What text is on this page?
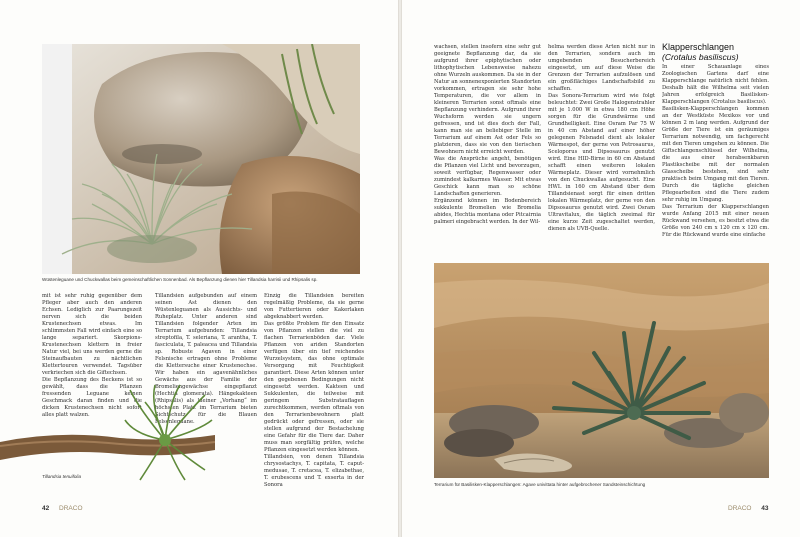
Wüstenleguane und Chuckwallas beim gemeinschaftlichen Sonnenbad. Als Bepflanzung dienen hier Tillandsia harrisii und Rhipsalis sp.

mit ist sehr ruhig gegenüber dem Pfleger aber auch den anderen Echsen. Lediglich zur Paarungszeit nerven sich die beiden Krustenechsen etwas. Im schlimmsten Fall wird einfach eine so lange separiert. Skorpions-Krustenechsen klettern in freier Natur viel, bei uns werden gerne die Steinaufbauten zu nächtlichen Klettertouren verwendet. Tagsüber verkriechen sich die Giftechsen.
Die Bepflanzung des Beckens ist so gewählt, dass die Pflanzen fressenden Leguane keinen Geschmack daran finden und die dicken Krustenechsen nicht sofort alles platt walzen.

Tillandsien aufgebunden auf einem seinen Ast dienen den Wüstenleguanen als Aussichts- und Ruheplatz. Unter anderen sind Tillandsien folgender Arten im Terrarium aufgebunden: Tillandsia streptofila, T. seleriana, T. arantha, T. fasciculata, T. paleacea und Tillandsia sp. Robuste Agaven in einer Felsnische ertragen ohne Probleme die Klettersuche einer Krustenechse. Wir haben ein agavenähnliches Gewächs aus der Familie der Bromeliengewächse eingepflanzt (Hechtia glomerata). Hängekakteen (Rhipsalis) als kleiner „Vorhang“ im höchsten Platz im Terrarium bieten Sichtschutz für die Blauen Felsenleguane.

Einzig die Tillandsien bereiten regelmäßig Probleme, da sie gerne von Futtertieren oder Kakerlaken abgeknabbert werden.
Das größte Problem für den Einsatz von Pflanzen stellen die viel zu flachen Terrarienböden dar. Viele Pflanzen von ariden Standorten verfügen über ein tief reichendes Wurzelsystem, das ohne optimale Versorgung mit Feuchtigkeit garantiert. Diese Arten können unter den gegebenen Bedingungen nicht eingesetzt werden. Kakteen und Sukkulenten, die teilweise mit geringem Substratauflagen zurechtkommen, werden oftmals von den Terrarienbewohnern platt gedrückt oder gefressen, oder sie stellen aufgrund der Bestachelung eine Gefahr für die Tiere dar. Daher muss man sorgfältig prüfen, welche Pflanzen eingesetzt werden können.
Tillandsien, von denen Tillandsia chrysostachys, T. capitata, T. caput-medusae, T. cretacea, T. elizabethae, T. erubescens und T. exserta in der Sonora

Tillandsia tenuifolia
42 DRACO

wachsen, stellen insofern eine sehr gut geeignete Bepflanzung dar, da sie aufgrund ihrer epiphytischen oder lithophytischen Lebensweise nahezu ohne Wurzeln auskommen. Da sie in der Natur an sonnenexponierten Standorten vorkommen, ertragen sie sehr hohe Temperaturen, die vor allem in kleineren Terrarien sonst oftmals eine Bepflanzung verhindern. Aufgrund ihrer Wuchsform werden sie ungern gefressen, und ist dies doch der Fall, kann man sie an beliebiger Stelle im Terrarium auf einem Ast oder Fels so platzieren, dass sie von den tierischen Bewohnern nicht erreicht werden.
Was die Ansprüche angeht, benötigen die Pflanzen viel Licht und bevorzugen, soweit verfügbar, Regenwasser oder zumindest kalkarmes Wasser. Mit etwas Geschick kann man so schöne Landschaften generieren.
Ergänzend können im Bodenbereich sukkulente Bromelien wie Bromelia abides, Hechtia montana oder Pitcairnia palmeri eingebracht werden. In der Wil-

helma werden diese Arten nicht nur in den Terrarien, sondern auch im umgebenden Besucherbereich eingesetzt, um auf diese Weise die Grenzen der Terrarien aufzulösen und ein großflächiges Landschaftsbild zu schaffen.
Das Sonora-Terrarium wird wie folgt beleuchtet: Zwei Große Halogenstrahler mit je 1.000 W in etwa 180 cm Höhe sorgen für die Grundwärme und Grundhelligkeit. Eine Osram Par 75 W in 40 cm Abstand auf einer höher gelegenen Felsnadel dient als lokaler Wärmespot, der gerne von Petrosaurus, Sceloporus und Dipsosaurus genutzt wird. Eine HID-Birne in 60 cm Abstand schafft einen weiteren lokalen Wärmeplatz. Dieser wird vornehmlich von den Chuckwallas aufgesucht. Eine HWL in 160 cm Abstand über dem Tillandsienast sorgt für einen dritten lokalen Wärmeplatz, der gerne von den Dipsosaurus genutzt wird. Zwei Osram Ultravitalux, die täglich zweimal für eine kurze Zeit zugeschaltet werden, dienen als UVB-Quelle.

Klapperschlangen
(Crotalus basiliscus)

In einer Schauanlage eines Zoologischen Gartens darf eine Klapperschlange natürlich nicht fehlen. Deshalb hält die Wilhelma seit vielen Jahren erfolgreich Basilisken-Klapperschlangen (Crotalus basiliscus).
Basilisken-Klapperschlangen kommen an der Westküste Mexikos vor und können 2 m lang werden. Aufgrund der Größe der Tiere ist ein geräumiges Terrarium notwendig, um fachgerecht mit den Tieren umgehen zu können. Die Giftschlangenschlüssel der Wilhelma, die aus einer herabsenkbaren Plastikscheibe mit der normalen Glasscheibe bestehen, sind sehr praktisch beim Umgang mit den Tieren. Durch die tägliche gleichen Pflegearbeiten sind die Tiere zudem sehr ruhig im Umgang.
Das Terrarium der Klapperschlangen wurde Anfang 2015 mit einer neuen Rückwand versehen, es besitzt etwa die Größe von 240 cm x 120 cm x 120 cm. Für die Rückwand wurde eine einfache

Terrarium für Basilisken-Klapperschlangen: Agave univittata hinter aufgebrochener Sandsteinschichtung
DRACO 43
